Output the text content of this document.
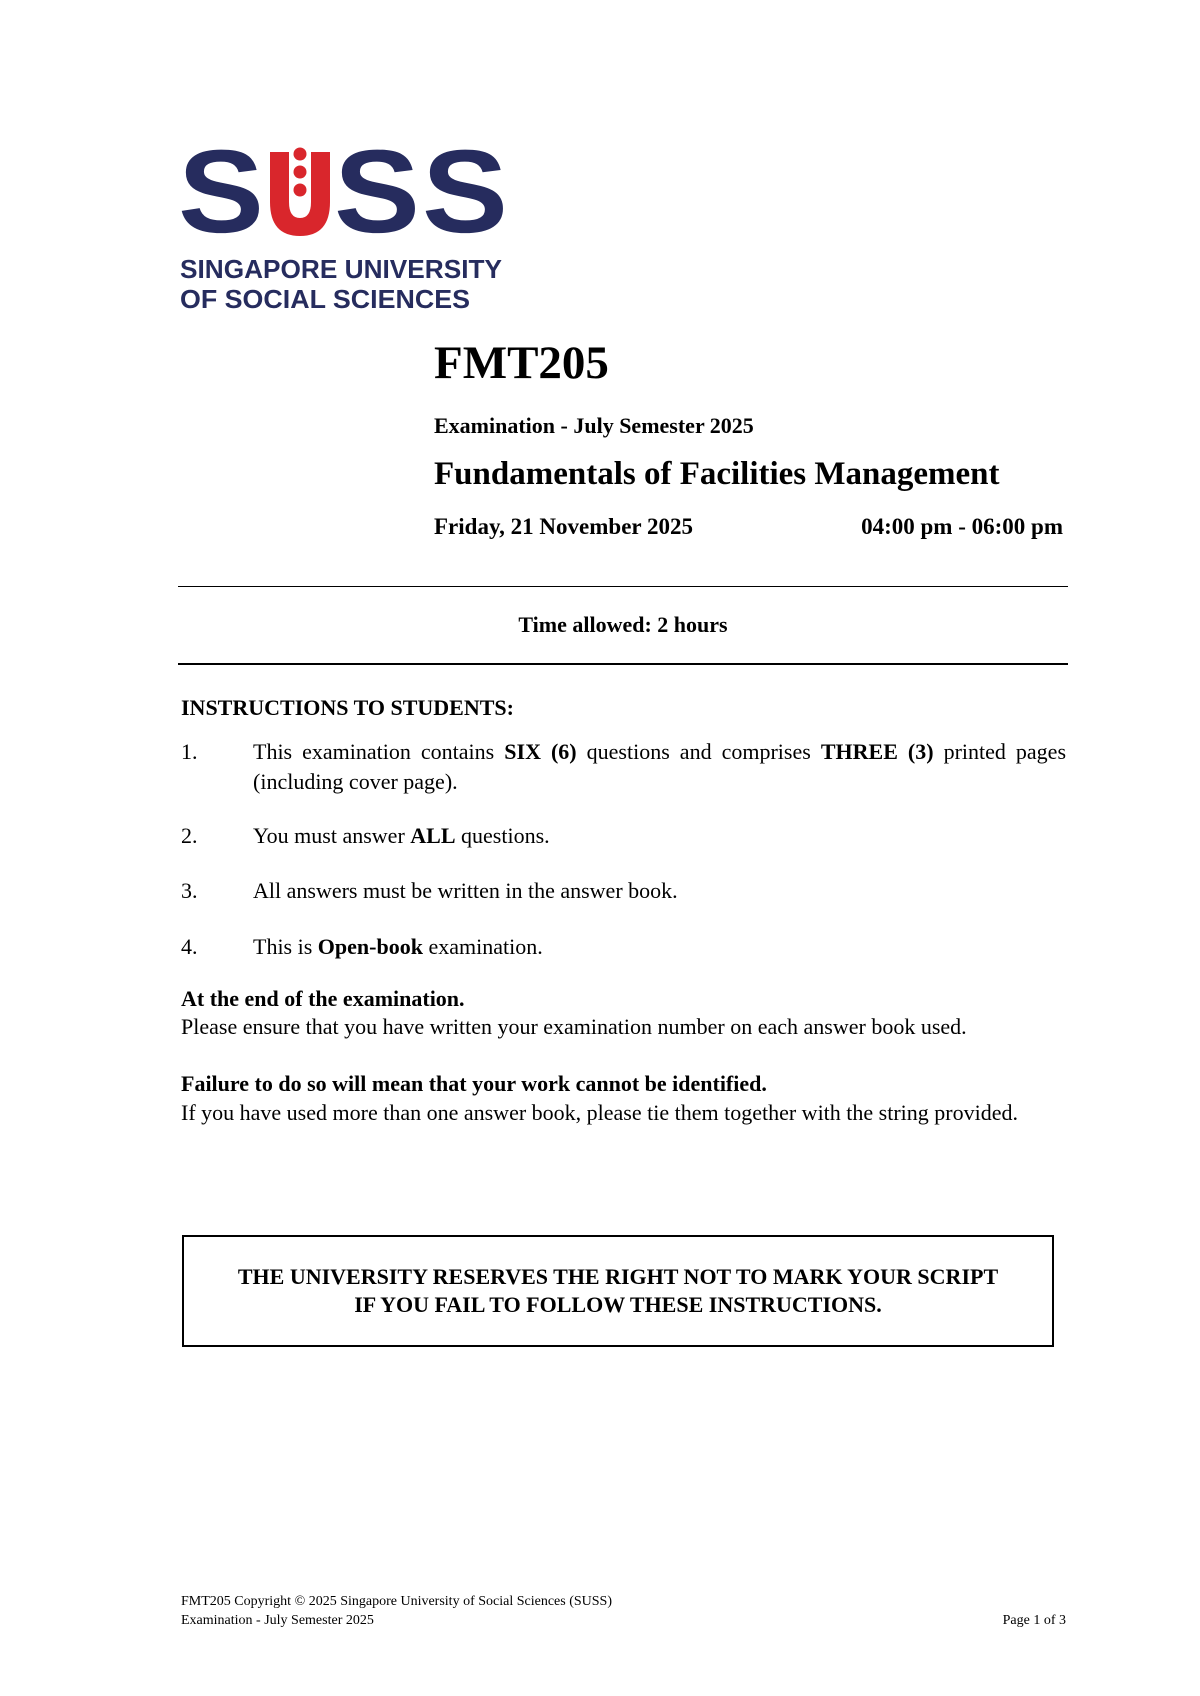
S S S
SINGAPORE UNIVERSITY
OF SOCIAL SCIENCES
FMT205
Examination - July Semester 2025
Fundamentals of Facilities Management
Friday, 21 November 2025	04:00 pm - 06:00 pm
Time allowed: 2 hours
INSTRUCTIONS TO STUDENTS:
1.	This examination contains SIX (6) questions and comprises THREE (3) printed pages (including cover page).
2.	You must answer ALL questions.
3.	All answers must be written in the answer book.
4.	This is Open-book examination.
At the end of the examination.
Please ensure that you have written your examination number on each answer book used.
Failure to do so will mean that your work cannot be identified.
If you have used more than one answer book, please tie them together with the string provided.
THE UNIVERSITY RESERVES THE RIGHT NOT TO MARK YOUR SCRIPT
IF YOU FAIL TO FOLLOW THESE INSTRUCTIONS.
FMT205 Copyright © 2025 Singapore University of Social Sciences (SUSS)
Examination - July Semester 2025	Page 1 of 3
